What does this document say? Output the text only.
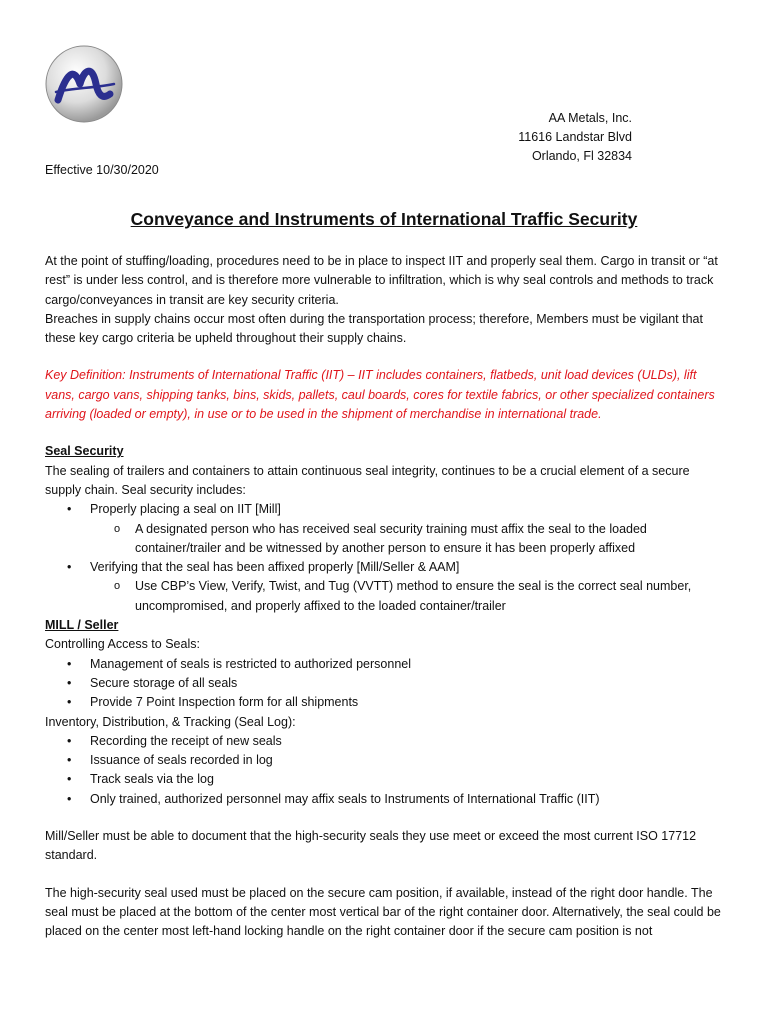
AA Metals, Inc.
11616 Landstar Blvd
Orlando, Fl 32834
Effective 10/30/2020
Conveyance and Instruments of International Traffic Security

At the point of stuffing/loading, procedures need to be in place to inspect IIT and properly seal them. Cargo in transit or “at rest” is under less control, and is therefore more vulnerable to infiltration, which is why seal controls and methods to track cargo/conveyances in transit are key security criteria.

Breaches in supply chains occur most often during the transportation process; therefore, Members must be vigilant that these key cargo criteria be upheld throughout their supply chains.

Key Definition: Instruments of International Traffic (IIT) – IIT includes containers, flatbeds, unit load devices (ULDs), lift vans, cargo vans, shipping tanks, bins, skids, pallets, caul boards, cores for textile fabrics, or other specialized containers arriving (loaded or empty), in use or to be used in the shipment of merchandise in international trade.

Seal Security

The sealing of trailers and containers to attain continuous seal integrity, continues to be a crucial element of a secure supply chain. Seal security includes:

• Properly placing a seal on IIT [Mill]
o A designated person who has received seal security training must affix the seal to the loaded container/trailer and be witnessed by another person to ensure it has been properly affixed
• Verifying that the seal has been affixed properly [Mill/Seller & AAM]
o Use CBP’s View, Verify, Twist, and Tug (VVTT) method to ensure the seal is the correct seal number, uncompromised, and properly affixed to the loaded container/trailer

MILL / Seller

Controlling Access to Seals:

• Management of seals is restricted to authorized personnel
• Secure storage of all seals
• Provide 7 Point Inspection form for all shipments

Inventory, Distribution, & Tracking (Seal Log):

• Recording the receipt of new seals
• Issuance of seals recorded in log
• Track seals via the log
• Only trained, authorized personnel may affix seals to Instruments of International Traffic (IIT)

Mill/Seller must be able to document that the high-security seals they use meet or exceed the most current ISO 17712 standard.

The high-security seal used must be placed on the secure cam position, if available, instead of the right door handle. The seal must be placed at the bottom of the center most vertical bar of the right container door. Alternatively, the seal could be placed on the center most left-hand locking handle on the right container door if the secure cam position is not
